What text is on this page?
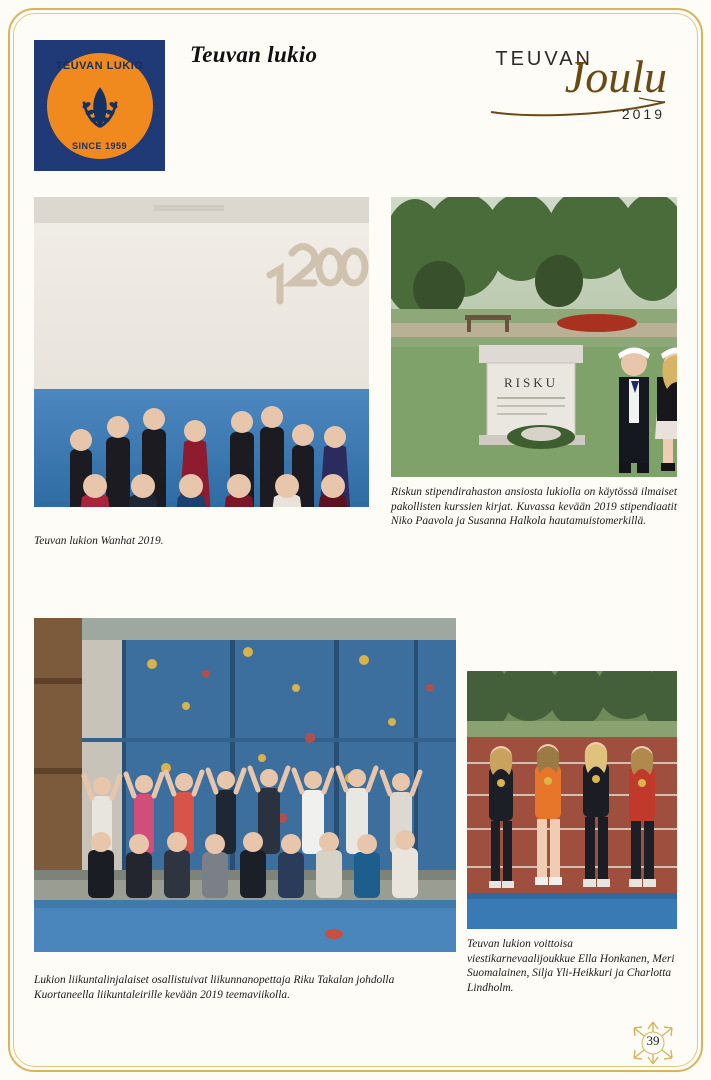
TEUVAN LUKIO
SINCE 1959
Teuvan lukio	TEUVAN
Joulu
2019
Teuvan lukion Wanhat 2019.
RISKU
Riskun stipendirahaston ansiosta lukiolla on käytössä ilmaiset pakollisten kurssien kirjat. Kuvassa kevään 2019 stipendiaatit Niko Paavola ja Susanna Halkola hautamuistomerkillä.
Lukion liikuntalinjalaiset osallistuivat liikunnanopettaja Riku Takalan johdolla Kuortaneella liikuntaleirille kevään 2019 teemaviikolla.
Teuvan lukion voittoisa viestikarnevaalijoukkue Ella Honkanen, Meri Suomalainen, Silja Yli-Heikkuri ja Charlotta Lindholm.
39
